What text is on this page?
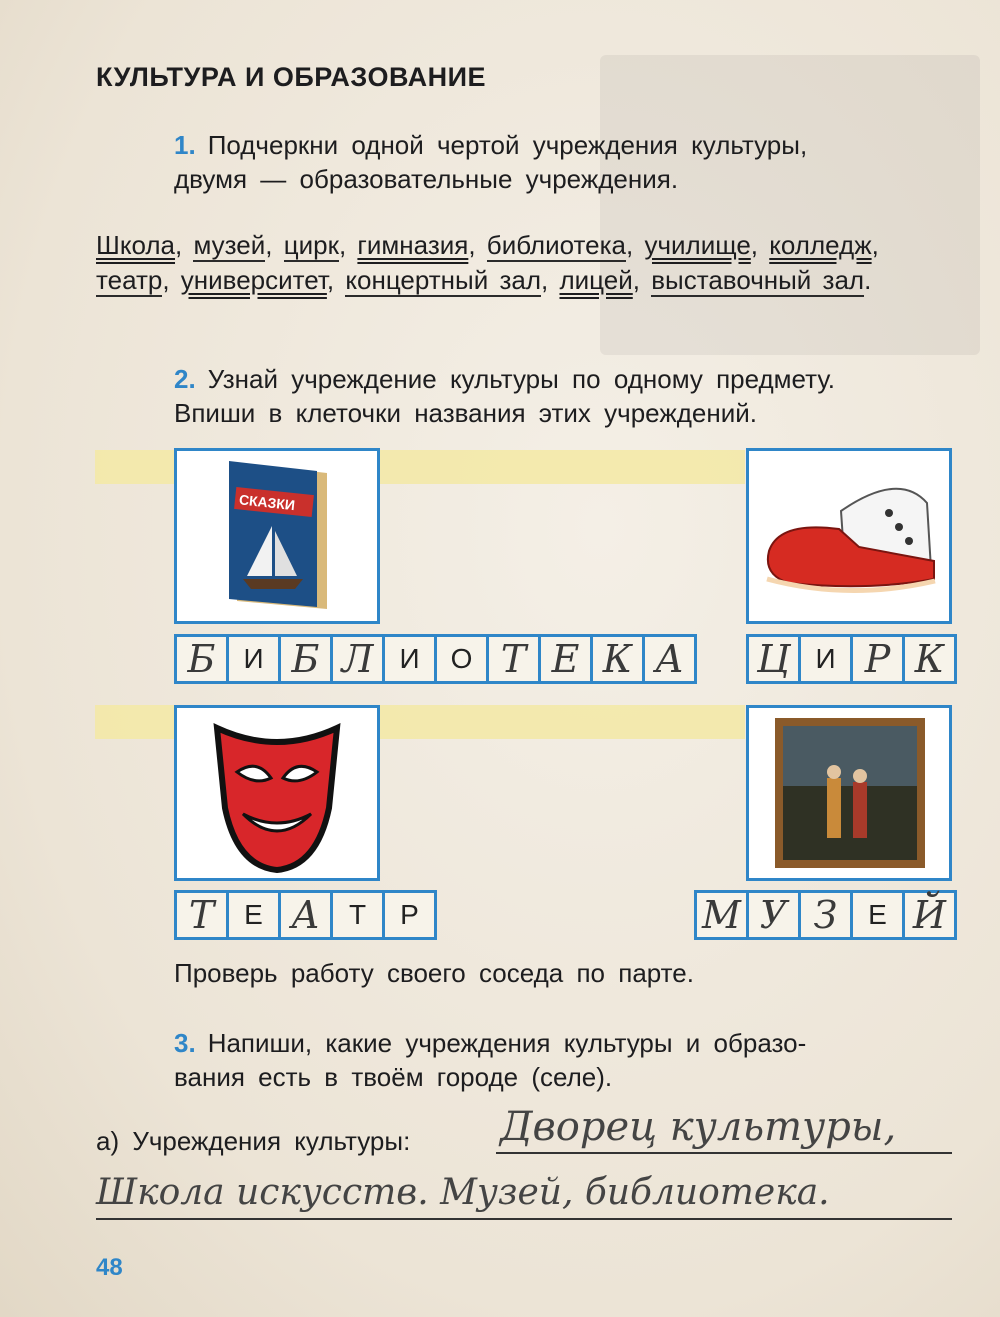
КУЛЬТУРА И ОБРАЗОВАНИЕ
1. Подчеркни одной чертой учреждения культуры,
двумя — образовательные учреждения.
Школа, музей, цирк, гимназия, библиотека, училище, колледж, театр, университет, концертный зал, лицей, выставочный зал.
2. Узнай учреждение культуры по одному предмету.
Впиши в клеточки названия этих учреждений.
СКАЗКИ
Б И Б Л И	О Т Е К А	Ц И Р К
Т	Е А	Т	Р	М У З	Е Й
Проверь работу своего соседа по парте.
3. Напиши, какие учреждения культуры и образо-
вания есть в твоём городе (селе).
а) Учреждения культуры: Дворец культуры,
Школа искусств. Музей, библиотека.
48
